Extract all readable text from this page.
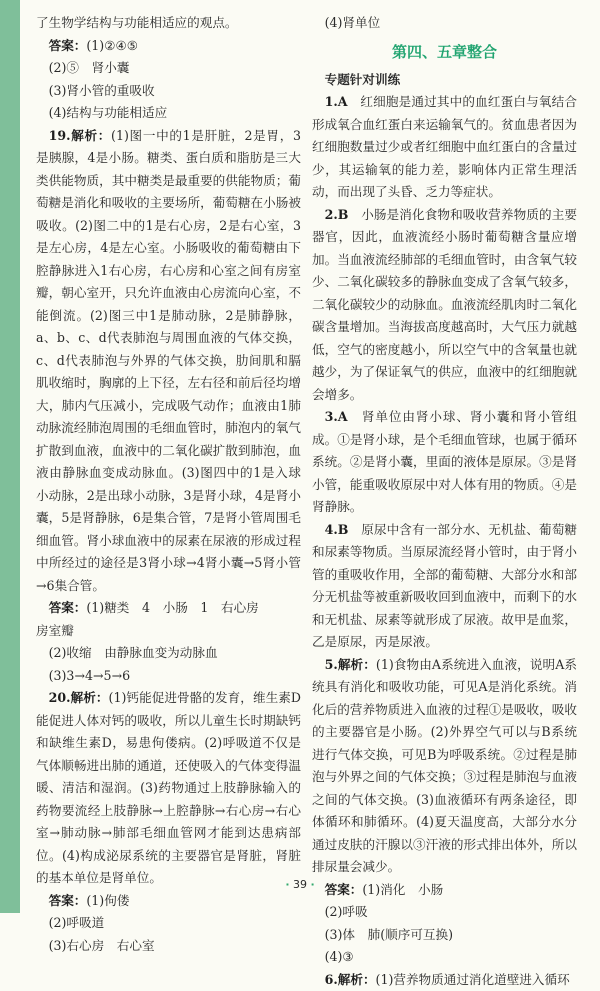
了生物学结构与功能相适应的观点。

答案：(1)②④⑤

(2)⑤　肾小囊

(3)肾小管的重吸收

(4)结构与功能相适应

19.解析：(1)图一中的1是肝脏，2是胃，3是胰腺，4是小肠。糖类、蛋白质和脂肪是三大类供能物质，其中糖类是最重要的供能物质；葡萄糖是消化和吸收的主要场所，葡萄糖在小肠被吸收。(2)图二中的1是右心房，2是右心室，3是左心房，4是左心室。小肠吸收的葡萄糖由下腔静脉进入1右心房，右心房和心室之间有房室瓣，朝心室开，只允许血液由心房流向心室，不能倒流。(2)图三中1是肺动脉，2是肺静脉，a、b、c、d代表肺泡与周围血液的气体交换，c、d代表肺泡与外界的气体交换，肋间肌和膈肌收缩时，胸廓的上下径，左右径和前后径均增大，肺内气压减小，完成吸气动作；血液由1肺动脉流经肺泡周围的毛细血管时，肺泡内的氧气扩散到血液，血液中的二氧化碳扩散到肺泡，血液由静脉血变成动脉血。(3)图四中的1是入球小动脉，2是出球小动脉，3是肾小球，4是肾小囊，5是肾静脉，6是集合管，7是肾小管周围毛细血管。肾小球血液中的尿素在尿液的形成过程中所经过的途径是3肾小球→4肾小囊→5肾小管→6集合管。

答案：(1)糖类　4　小肠　1　右心房

房室瓣

(2)收缩　由静脉血变为动脉血

(3)3→4→5→6

20.解析：(1)钙能促进骨骼的发育，维生素D能促进人体对钙的吸收，所以儿童生长时期缺钙和缺维生素D，易患佝偻病。(2)呼吸道不仅是气体顺畅进出肺的通道，还使吸入的气体变得温暖、清洁和湿润。(3)药物通过上肢静脉输入的药物要流经上肢静脉→上腔静脉→右心房→右心室→肺动脉→肺部毛细血管网才能到达患病部位。(4)构成泌尿系统的主要器官是肾脏，肾脏的基本单位是肾单位。

答案：(1)佝偻

(2)呼吸道

(3)右心房　右心室

(4)肾单位

第四、五章整合

专题针对训练

1.A　红细胞是通过其中的血红蛋白与氧结合形成氧合血红蛋白来运输氧气的。贫血患者因为红细胞数量过少或者红细胞中血红蛋白的含量过少，其运输氧的能力差，影响体内正常生理活动，而出现了头昏、乏力等症状。

2.B　小肠是消化食物和吸收营养物质的主要器官，因此，血液流经小肠时葡萄糖含量应增加。当血液流经肺部的毛细血管时，由含氧气较少、二氧化碳较多的静脉血变成了含氧气较多，二氧化碳较少的动脉血。血液流经肌肉时二氧化碳含量增加。当海拔高度越高时，大气压力就越低，空气的密度越小，所以空气中的含氧量也就越少，为了保证氧气的供应，血液中的红细胞就会增多。

3.A　肾单位由肾小球、肾小囊和肾小管组成。①是肾小球，是个毛细血管球，也属于循环系统。②是肾小囊，里面的液体是原尿。③是肾小管，能重吸收原尿中对人体有用的物质。④是肾静脉。

4.B　原尿中含有一部分水、无机盐、葡萄糖和尿素等物质。当原尿流经肾小管时，由于肾小管的重吸收作用，全部的葡萄糖、大部分水和部分无机盐等被重新吸收回到血液中，而剩下的水和无机盐、尿素等就形成了尿液。故甲是血浆，乙是原尿，丙是尿液。

5.解析：(1)食物由A系统进入血液，说明A系统具有消化和吸收功能，可见A是消化系统。消化后的营养物质进入血液的过程①是吸收，吸收的主要器官是小肠。(2)外界空气可以与B系统进行气体交换，可见B为呼吸系统。②过程是肺泡与外界之间的气体交换；③过程是肺泡与血液之间的气体交换。(3)血液循环有两条途径，即体循环和肺循环。(4)夏天温度高，大部分水分通过皮肤的汗腺以③汗液的形式排出体外，所以排尿量会减少。

答案：(1)消化　小肠

(2)呼吸

(3)体　肺(顺序可互换)

(4)③

6.解析：(1)营养物质通过消化道壁进入循环

· 39 ·
